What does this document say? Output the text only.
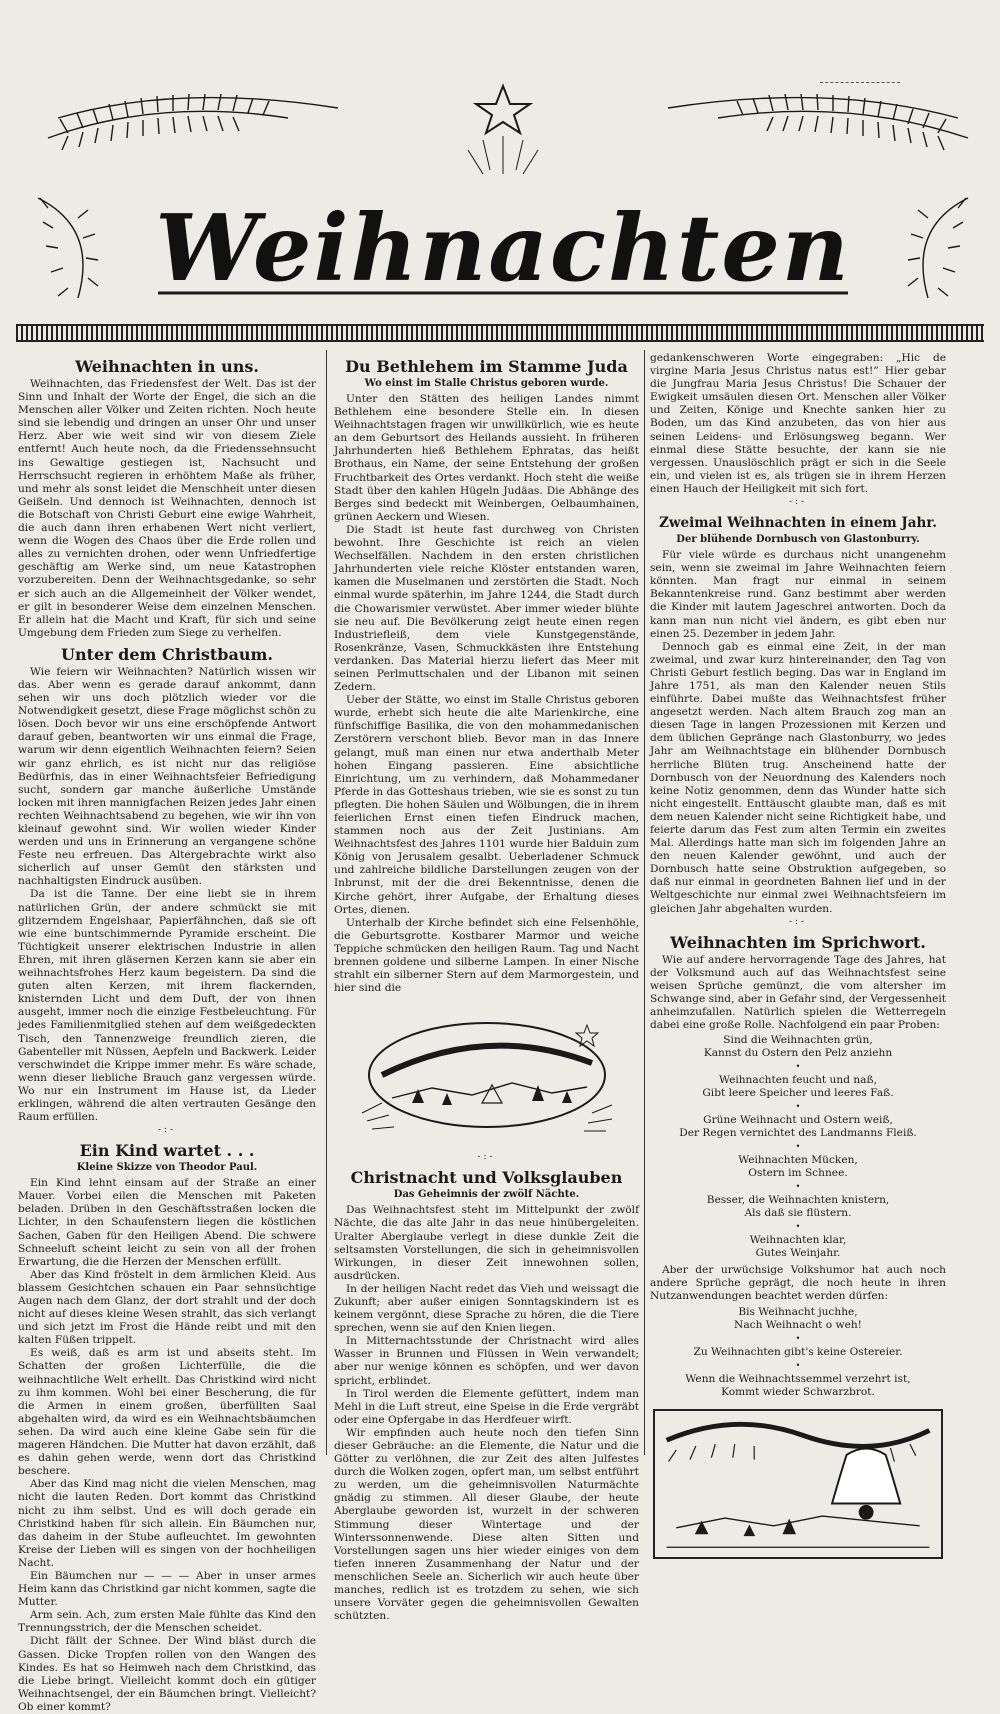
Weihnachten
Weihnachten in uns.

Weihnachten, das Friedensfest der Welt. Das ist der Sinn und Inhalt der Worte der Engel, die sich an die Menschen aller Völker und Zeiten richten. Noch heute sind sie lebendig und dringen an unser Ohr und unser Herz. Aber wie weit sind wir von diesem Ziele entfernt! Auch heute noch, da die Friedenssehnsucht ins Gewaltige gestiegen ist, Nachsucht und Herrschsucht regieren in erhöhtem Maße als früher, und mehr als sonst leidet die Menschheit unter diesen Geißeln. Und dennoch ist Weihnachten, dennoch ist die Botschaft von Christi Geburt eine ewige Wahrheit, die auch dann ihren erhabenen Wert nicht verliert, wenn die Wogen des Chaos über die Erde rollen und alles zu vernichten drohen, oder wenn Unfriedfertige geschäftig am Werke sind, um neue Katastrophen vorzubereiten. Denn der Weihnachtsgedanke, so sehr er sich auch an die Allgemeinheit der Völker wendet, er gilt in besonderer Weise dem einzelnen Menschen. Er allein hat die Macht und Kraft, für sich und seine Umgebung dem Frieden zum Siege zu verhelfen.

Unter dem Christbaum.

Wie feiern wir Weihnachten? Natürlich wissen wir das. Aber wenn es gerade darauf ankommt, dann sehen wir uns doch plötzlich wieder vor die Notwendigkeit gesetzt, diese Frage möglichst schön zu lösen. Doch bevor wir uns eine erschöpfende Antwort darauf geben, beantworten wir uns einmal die Frage, warum wir denn eigentlich Weihnachten feiern? Seien wir ganz ehrlich, es ist nicht nur das religiöse Bedürfnis, das in einer Weihnachtsfeier Befriedigung sucht, sondern gar manche äußerliche Umstände locken mit ihren mannigfachen Reizen jedes Jahr einen rechten Weihnachtsabend zu begehen, wie wir ihn von kleinauf gewohnt sind. Wir wollen wieder Kinder werden und uns in Erinnerung an vergangene schöne Feste neu erfreuen. Das Altergebrachte wirkt also sicherlich auf unser Gemüt den stärksten und nachhaltigsten Eindruck ausüben.

Da ist die Tanne. Der eine liebt sie in ihrem natürlichen Grün, der andere schmückt sie mit glitzerndem Engelshaar, Papierfähnchen, daß sie oft wie eine buntschimmernde Pyramide erscheint. Die Tüchtigkeit unserer elektrischen Industrie in allen Ehren, mit ihren gläsernen Kerzen kann sie aber ein weihnachtsfrohes Herz kaum begeistern. Da sind die guten alten Kerzen, mit ihrem flackernden, knisternden Licht und dem Duft, der von ihnen ausgeht, immer noch die einzige Festbeleuchtung. Für jedes Familienmitglied stehen auf dem weißgedeckten Tisch, den Tannenzweige freundlich zieren, die Gabenteller mit Nüssen, Aepfeln und Backwerk. Leider verschwindet die Krippe immer mehr. Es wäre schade, wenn dieser liebliche Brauch ganz vergessen würde. Wo nur ein Instrument im Hause ist, da Lieder erklingen, während die alten vertrauten Gesänge den Raum erfüllen.

-:-
Ein Kind wartet . . .
Kleine Skizze von Theodor Paul.

Ein Kind lehnt einsam auf der Straße an einer Mauer. Vorbei eilen die Menschen mit Paketen beladen. Drüben in den Geschäftsstraßen locken die Lichter, in den Schaufenstern liegen die köstlichen Sachen, Gaben für den Heiligen Abend. Die schwere Schneeluft scheint leicht zu sein von all der frohen Erwartung, die die Herzen der Menschen erfüllt.

Aber das Kind fröstelt in dem ärmlichen Kleid. Aus blassem Gesichtchen schauen ein Paar sehnsüchtige Augen nach dem Glanz, der dort strahlt und der doch nicht auf dieses kleine Wesen strahlt, das sich verlangt und sich jetzt im Frost die Hände reibt und mit den kalten Füßen trippelt.

Es weiß, daß es arm ist und abseits steht. Im Schatten der großen Lichterfülle, die die weihnachtliche Welt erhellt. Das Christkind wird nicht zu ihm kommen. Wohl bei einer Bescherung, die für die Armen in einem großen, überfüllten Saal abgehalten wird, da wird es ein Weihnachtsbäumchen sehen. Da wird auch eine kleine Gabe sein für die mageren Händchen. Die Mutter hat davon erzählt, daß es dahin gehen werde, wenn dort das Christkind beschere.

Aber das Kind mag nicht die vielen Menschen, mag nicht die lauten Reden. Dort kommt das Christkind nicht zu ihm selbst. Und es will doch gerade ein Christkind haben für sich allein. Ein Bäumchen nur, das daheim in der Stube aufleuchtet. Im gewohnten Kreise der Lieben will es singen von der hochheiligen Nacht.

Ein Bäumchen nur — — — Aber in unser armes Heim kann das Christkind gar nicht kommen, sagte die Mutter.

Arm sein. Ach, zum ersten Male fühlte das Kind den Trennungsstrich, der die Menschen scheidet.

Dicht fällt der Schnee. Der Wind bläst durch die Gassen. Dicke Tropfen rollen von den Wangen des Kindes. Es hat so Heimweh nach dem Christkind, das die Liebe bringt. Vielleicht kommt doch ein gütiger Weihnachtsengel, der ein Bäumchen bringt. Vielleicht? Ob einer kommt?

Du Bethlehem im Stamme Juda
Wo einst im Stalle Christus geboren wurde.

Unter den Stätten des heiligen Landes nimmt Bethlehem eine besondere Stelle ein. In diesen Weihnachtstagen fragen wir unwillkürlich, wie es heute an dem Geburtsort des Heilands aussieht. In früheren Jahrhunderten hieß Bethlehem Ephratas, das heißt Brothaus, ein Name, der seine Entstehung der großen Fruchtbarkeit des Ortes verdankt. Hoch steht die weiße Stadt über den kahlen Hügeln Judäas. Die Abhänge des Berges sind bedeckt mit Weinbergen, Oelbaumhainen, grünen Aeckern und Wiesen.

Die Stadt ist heute fast durchweg von Christen bewohnt. Ihre Geschichte ist reich an vielen Wechselfällen. Nachdem in den ersten christlichen Jahrhunderten viele reiche Klöster entstanden waren, kamen die Muselmanen und zerstörten die Stadt. Noch einmal wurde späterhin, im Jahre 1244, die Stadt durch die Chowarismier verwüstet. Aber immer wieder blühte sie neu auf. Die Bevölkerung zeigt heute einen regen Industriefleiß, dem viele Kunstgegenstände, Rosenkränze, Vasen, Schmuckkästen ihre Entstehung verdanken. Das Material hierzu liefert das Meer mit seinen Perlmuttschalen und der Libanon mit seinen Zedern.

Ueber der Stätte, wo einst im Stalle Christus geboren wurde, erhebt sich heute die alte Marienkirche, eine fünfschiffige Basilika, die von den mohammedanischen Zerstörern verschont blieb. Bevor man in das Innere gelangt, muß man einen nur etwa anderthalb Meter hohen Eingang passieren. Eine absichtliche Einrichtung, um zu verhindern, daß Mohammedaner Pferde in das Gotteshaus trieben, wie sie es sonst zu tun pflegten. Die hohen Säulen und Wölbungen, die in ihrem feierlichen Ernst einen tiefen Eindruck machen, stammen noch aus der Zeit Justinians. Am Weihnachtsfest des Jahres 1101 wurde hier Balduin zum König von Jerusalem gesalbt. Ueberladener Schmuck und zahlreiche bildliche Darstellungen zeugen von der Inbrunst, mit der die drei Bekenntnisse, denen die Kirche gehört, ihrer Aufgabe, der Erhaltung dieses Ortes, dienen.

Unterhalb der Kirche befindet sich eine Felsenhöhle, die Geburtsgrotte. Kostbarer Marmor und weiche Teppiche schmücken den heiligen Raum. Tag und Nacht brennen goldene und silberne Lampen. In einer Nische strahlt ein silberner Stern auf dem Marmorgestein, und hier sind die

-:-
Christnacht und Volksglauben
Das Geheimnis der zwölf Nächte.

Das Weihnachtsfest steht im Mittelpunkt der zwölf Nächte, die das alte Jahr in das neue hinübergeleiten. Uralter Aberglaube verlegt in diese dunkle Zeit die seltsamsten Vorstellungen, die sich in geheimnisvollen Wirkungen, in dieser Zeit innewohnen sollen, ausdrücken.

In der heiligen Nacht redet das Vieh und weissagt die Zukunft; aber außer einigen Sonntagskindern ist es keinem vergönnt, diese Sprache zu hören, die die Tiere sprechen, wenn sie auf den Knien liegen.

In Mitternachtsstunde der Christnacht wird alles Wasser in Brunnen und Flüssen in Wein verwandelt; aber nur wenige können es schöpfen, und wer davon spricht, erblindet.

In Tirol werden die Elemente gefüttert, indem man Mehl in die Luft streut, eine Speise in die Erde vergräbt oder eine Opfergabe in das Herdfeuer wirft.

Wir empfinden auch heute noch den tiefen Sinn dieser Gebräuche: an die Elemente, die Natur und die Götter zu verlöhnen, die zur Zeit des alten Julfestes durch die Wolken zogen, opfert man, um selbst entführt zu werden, um die geheimnisvollen Naturmächte gnädig zu stimmen. All dieser Glaube, der heute Aberglaube geworden ist, wurzelt in der schweren Stimmung dieser Wintertage und der Winterssonnenwende. Diese alten Sitten und Vorstellungen sagen uns hier wieder einiges von dem tiefen inneren Zusammenhang der Natur und der menschlichen Seele an. Sicherlich wir auch heute über manches, redlich ist es trotzdem zu sehen, wie sich unsere Vorväter gegen die geheimnisvollen Gewalten schützten.

gedankenschweren Worte eingegraben: „Hic de virgine Maria Jesus Christus natus est!” Hier gebar die Jungfrau Maria Jesus Christus! Die Schauer der Ewigkeit umsäulen diesen Ort. Menschen aller Völker und Zeiten, Könige und Knechte sanken hier zu Boden, um das Kind anzubeten, das von hier aus seinen Leidens- und Erlösungsweg begann. Wer einmal diese Stätte besuchte, der kann sie nie vergessen. Unauslöschlich prägt er sich in die Seele ein, und vielen ist es, als trügen sie in ihrem Herzen einen Hauch der Heiligkeit mit sich fort.

-:-
Zweimal Weihnachten in einem Jahr.
Der blühende Dornbusch von Glastonburry.

Für viele würde es durchaus nicht unangenehm sein, wenn sie zweimal im Jahre Weihnachten feiern könnten. Man fragt nur einmal in seinem Bekanntenkreise rund. Ganz bestimmt aber werden die Kinder mit lautem Jageschrei antworten. Doch da kann man nun nicht viel ändern, es gibt eben nur einen 25. Dezember in jedem Jahr.

Dennoch gab es einmal eine Zeit, in der man zweimal, und zwar kurz hintereinander, den Tag von Christi Geburt festlich beging. Das war in England im Jahre 1751, als man den Kalender neuen Stils einführte. Dabei mußte das Weihnachtsfest früher angesetzt werden. Nach altem Brauch zog man an diesen Tage in langen Prozessionen mit Kerzen und dem üblichen Gepränge nach Glastonburry, wo jedes Jahr am Weihnachtstage ein blühender Dornbusch herrliche Blüten trug. Anscheinend hatte der Dornbusch von der Neuordnung des Kalenders noch keine Notiz genommen, denn das Wunder hatte sich nicht eingestellt. Enttäuscht glaubte man, daß es mit dem neuen Kalender nicht seine Richtigkeit habe, und feierte darum das Fest zum alten Termin ein zweites Mal. Allerdings hatte man sich im folgenden Jahre an den neuen Kalender gewöhnt, und auch der Dornbusch hatte seine Obstruktion aufgegeben, so daß nur einmal in geordneten Bahnen lief und in der Weltgeschichte nur einmal zwei Weihnachtsfeiern im gleichen Jahr abgehalten wurden.

-:-
Weihnachten im Sprichwort.

Wie auf andere hervorragende Tage des Jahres, hat der Volksmund auch auf das Weihnachtsfest seine weisen Sprüche gemünzt, die vom altersher im Schwange sind, aber in Gefahr sind, der Vergessenheit anheimzufallen. Natürlich spielen die Wetterregeln dabei eine große Rolle. Nachfolgend ein paar Proben:

Sind die Weihnachten grün,
Kannst du Ostern den Pelz anziehn
•
Weihnachten feucht und naß,
Gibt leere Speicher und leeres Faß.
•
Grüne Weihnacht und Ostern weiß,
Der Regen vernichtet des Landmanns Fleiß.
•
Weihnachten Mücken,
Ostern im Schnee.
•
Besser, die Weihnachten knistern,
Als daß sie flüstern.
•
Weihnachten klar,
Gutes Weinjahr.

Aber der urwüchsige Volkshumor hat auch noch andere Sprüche geprägt, die noch heute in ihren Nutzanwendungen beachtet werden dürfen:

Bis Weihnacht juchhe,
Nach Weihnacht o weh!
•
Zu Weihnachten gibt's keine Ostereier.
•
Wenn die Weihnachtssemmel verzehrt ist,
Kommt wieder Schwarzbrot.
